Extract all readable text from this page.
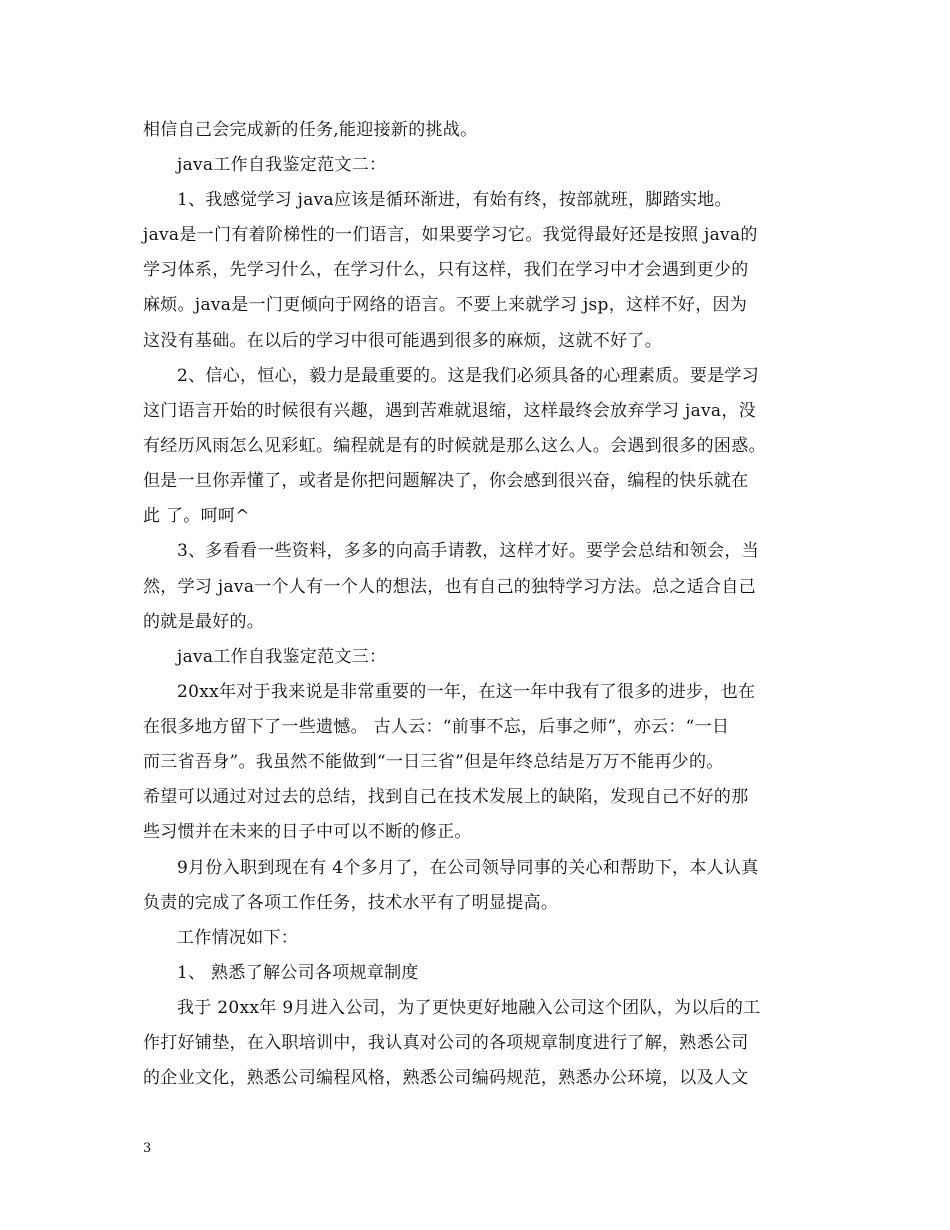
相信自己会完成新的任务,能迎接新的挑战。
java工作自我鉴定范文二：
1、我感觉学习 java应该是循环渐进，有始有终，按部就班，脚踏实地。
java是一门有着阶梯性的一们语言，如果要学习它。我觉得最好还是按照 java的
学习体系，先学习什么，在学习什么，只有这样，我们在学习中才会遇到更少的
麻烦。java是一门更倾向于网络的语言。不要上来就学习 jsp，这样不好，因为
这没有基础。在以后的学习中很可能遇到很多的麻烦，这就不好了。
2、信心，恒心，毅力是最重要的。这是我们必须具备的心理素质。要是学习
这门语言开始的时候很有兴趣，遇到苦难就退缩，这样最终会放弃学习 java，没
有经历风雨怎么见彩虹。编程就是有的时候就是那么这么人。会遇到很多的困惑。
但是一旦你弄懂了，或者是你把问题解决了，你会感到很兴奋，编程的快乐就在
此 了。呵呵^
3、多看看一些资料，多多的向高手请教，这样才好。要学会总结和领会，当
然，学习 java一个人有一个人的想法，也有自己的独特学习方法。总之适合自己
的就是最好的。
java工作自我鉴定范文三：
20xx年对于我来说是非常重要的一年，在这一年中我有了很多的进步，也在
在很多地方留下了一些遗憾。 古人云：“前事不忘，后事之师”，亦云：“一日
而三省吾身”。我虽然不能做到“一日三省”但是年终总结是万万不能再少的。
希望可以通过对过去的总结，找到自己在技术发展上的缺陷，发现自己不好的那
些习惯并在未来的日子中可以不断的修正。
9月份入职到现在有 4个多月了，在公司领导同事的关心和帮助下，本人认真
负责的完成了各项工作任务，技术水平有了明显提高。
工作情况如下：
1、 熟悉了解公司各项规章制度
我于 20xx年 9月进入公司，为了更快更好地融入公司这个团队，为以后的工
作打好铺垫，在入职培训中，我认真对公司的各项规章制度进行了解，熟悉公司
的企业文化，熟悉公司编程风格，熟悉公司编码规范，熟悉办公环境，以及人文
3
